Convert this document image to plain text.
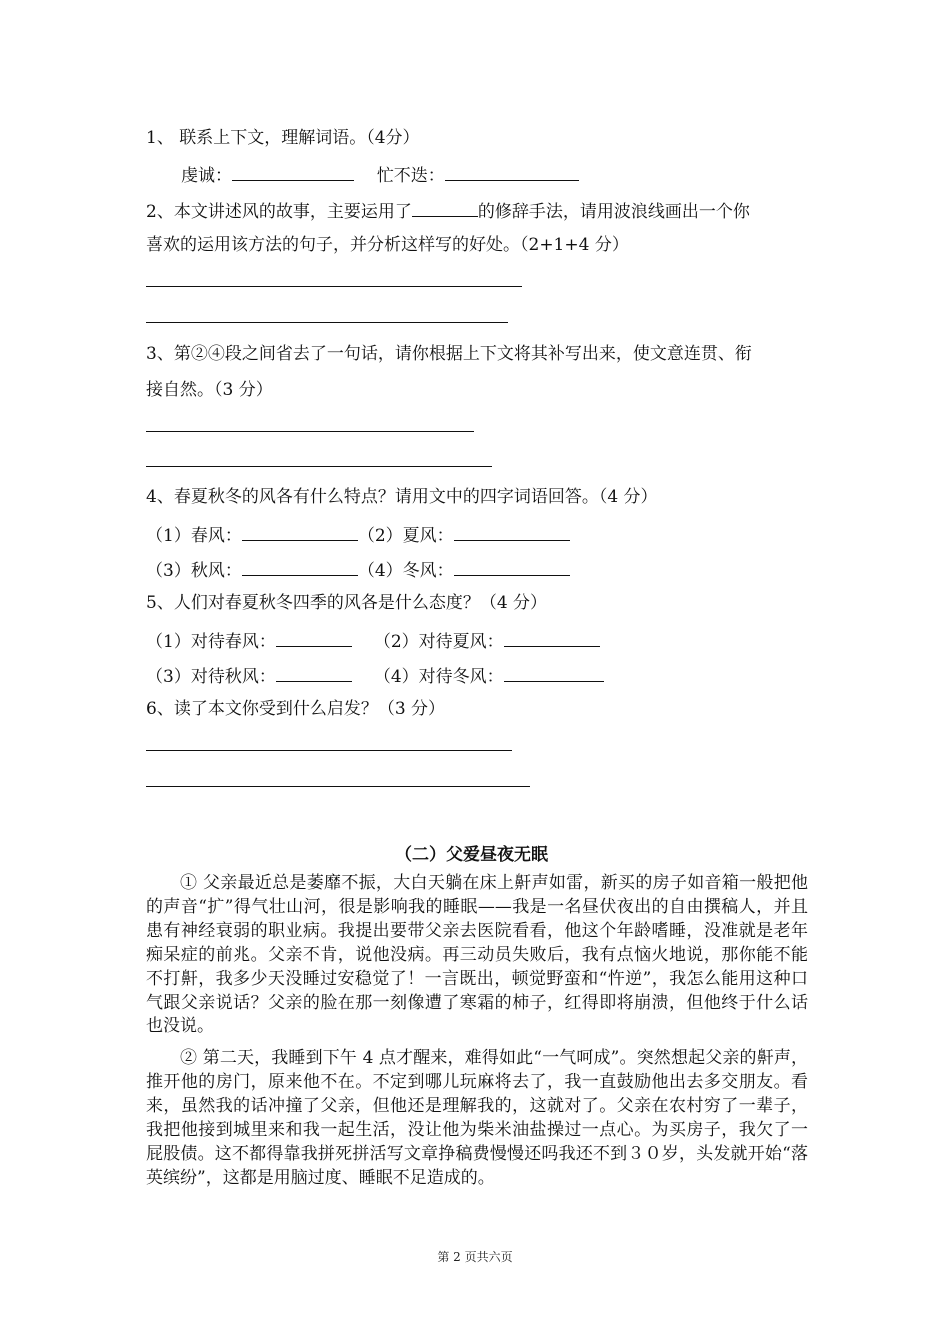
1、 联系上下文，理解词语。（4分）
虔诚：	忙不迭：
2、本文讲述风的故事，主要运用了	的修辞手法，请用波浪线画出一个你
喜欢的运用该方法的句子，并分析这样写的好处。（2+1+4 分）
3、第②④段之间省去了一句话，请你根据上下文将其补写出来，使文意连贯、衔
接自然。（3 分）
4、春夏秋冬的风各有什么特点？请用文中的四字词语回答。（4 分）
（1）春风：	（2）夏风：
（3）秋风：	（4）冬风：
5、人们对春夏秋冬四季的风各是什么态度？（4 分）
（1）对待春风：	（2）对待夏风：
（3）对待秋风：	（4）对待冬风：
6、读了本文你受到什么启发？（3 分）
（二）父爱昼夜无眠
① 父亲最近总是萎靡不振，大白天躺在床上鼾声如雷，新买的房子如音箱一般把他的声音“扩”得气壮山河，很是影响我的睡眠——我是一名昼伏夜出的自由撰稿人，并且患有神经衰弱的职业病。我提出要带父亲去医院看看，他这个年龄嗜睡，没准就是老年痴呆症的前兆。父亲不肯，说他没病。再三动员失败后，我有点恼火地说，那你能不能不打鼾，我多少天没睡过安稳觉了！一言既出，顿觉野蛮和“忤逆”，我怎么能用这种口气跟父亲说话？父亲的脸在那一刻像遭了寒霜的柿子，红得即将崩溃，但他终于什么话也没说。
② 第二天，我睡到下午 4 点才醒来，难得如此“一气呵成”。突然想起父亲的鼾声，推开他的房门，原来他不在。不定到哪儿玩麻将去了，我一直鼓励他出去多交朋友。看来，虽然我的话冲撞了父亲，但他还是理解我的，这就对了。父亲在农村穷了一辈子，我把他接到城里来和我一起生活，没让他为柴米油盐操过一点心。为买房子，我欠了一屁股债。这不都得靠我拼死拼活写文章挣稿费慢慢还吗我还不到３０岁，头发就开始“落英缤纷”，这都是用脑过度、睡眠不足造成的。
第 2 页共六页
